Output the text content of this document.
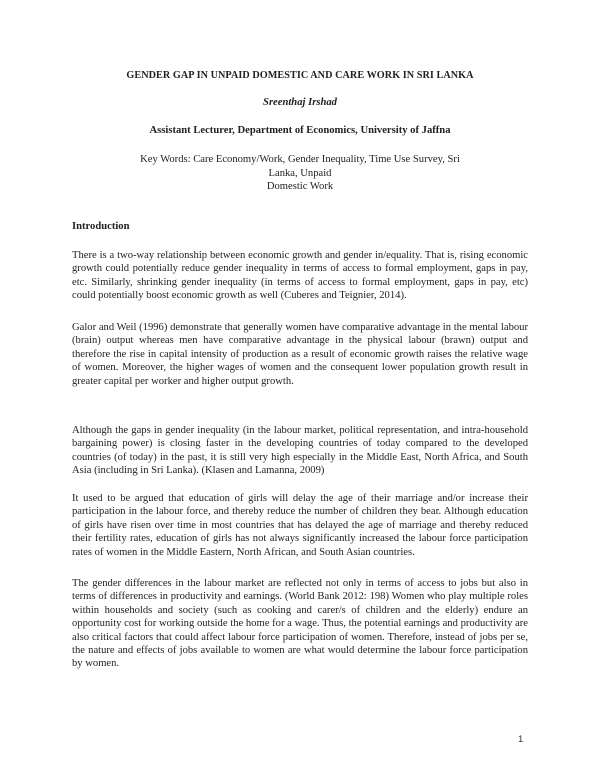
GENDER GAP IN UNPAID DOMESTIC AND CARE WORK IN SRI LANKA
Sreenthaj Irshad
Assistant Lecturer, Department of Economics, University of Jaffna
Key Words: Care Economy/Work, Gender Inequality, Time Use Survey, Sri Lanka, Unpaid
Domestic Work
Introduction

There is a two-way relationship between economic growth and gender in/equality. That is, rising economic growth could potentially reduce gender inequality in terms of access to formal employment, gaps in pay, etc. Similarly, shrinking gender inequality (in terms of access to formal employment, gaps in pay, etc) could potentially boost economic growth as well (Cuberes and Teignier, 2014).

Galor and Weil (1996) demonstrate that generally women have comparative advantage in the mental labour (brain) output whereas men have comparative advantage in the physical labour (brawn) output and therefore the rise in capital intensity of production as a result of economic growth raises the relative wage of women. Moreover, the higher wages of women and the consequent lower population growth result in greater capital per worker and higher output growth.

Although the gaps in gender inequality (in the labour market, political representation, and intra-household bargaining power) is closing faster in the developing countries of today compared to the developed countries (of today) in the past, it is still very high especially in the Middle East, North Africa, and South Asia (including in Sri Lanka). (Klasen and Lamanna, 2009)

It used to be argued that education of girls will delay the age of their marriage and/or increase their participation in the labour force, and thereby reduce the number of children they bear. Although education of girls have risen over time in most countries that has delayed the age of marriage and thereby reduced their fertility rates, education of girls has not always significantly increased the labour force participation rates of women in the Middle Eastern, North African, and South Asian countries.

The gender differences in the labour market are reflected not only in terms of access to jobs but also in terms of differences in productivity and earnings. (World Bank 2012: 198) Women who play multiple roles within households and society (such as cooking and carer/s of children and the elderly) endure an opportunity cost for working outside the home for a wage. Thus, the potential earnings and productivity are also critical factors that could affect labour force participation of women. Therefore, instead of jobs per se, the nature and effects of jobs available to women are what would determine the labour force participation by women.

1
